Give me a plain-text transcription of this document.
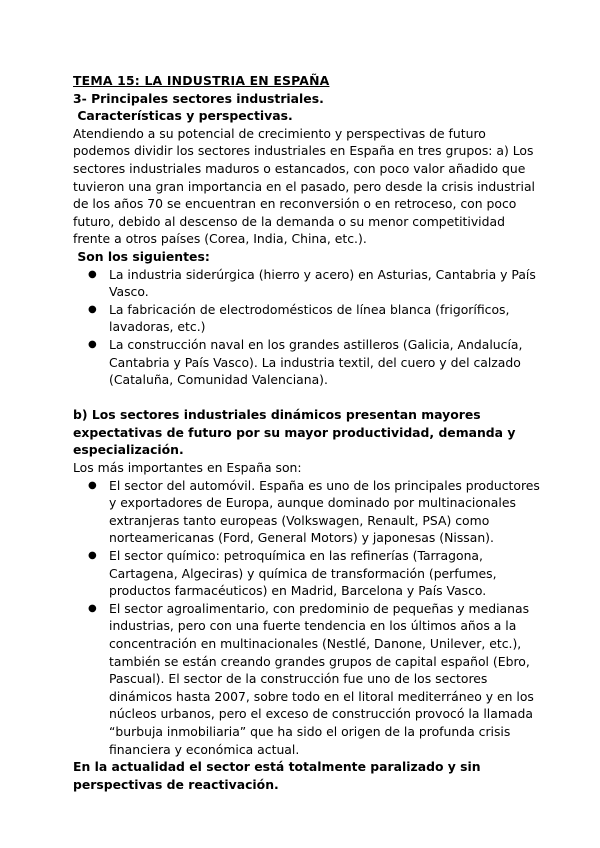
TEMA 15: LA INDUSTRIA EN ESPAÑA

3- Principales sectores industriales.

Características y perspectivas.

Atendiendo a su potencial de crecimiento y perspectivas de futuro podemos dividir los sectores industriales en España en tres grupos: a) Los sectores industriales maduros o estancados, con poco valor añadido que tuvieron una gran importancia en el pasado, pero desde la crisis industrial de los años 70 se encuentran en reconversión o en retroceso, con poco futuro, debido al descenso de la demanda o su menor competitividad frente a otros países (Corea, India, China, etc.).

Son los siguientes:

● La industria siderúrgica (hierro y acero) en Asturias, Cantabria y País Vasco.
● La fabricación de electrodomésticos de línea blanca (frigoríficos, lavadoras, etc.)
● La construcción naval en los grandes astilleros (Galicia, Andalucía, Cantabria y País Vasco). La industria textil, del cuero y del calzado (Cataluña, Comunidad Valenciana).

b) Los sectores industriales dinámicos presentan mayores expectativas de futuro por su mayor productividad, demanda y especialización.

Los más importantes en España son:

● El sector del automóvil. España es uno de los principales productores y exportadores de Europa, aunque dominado por multinacionales extranjeras tanto europeas (Volkswagen, Renault, PSA) como norteamericanas (Ford, General Motors) y japonesas (Nissan).
● El sector químico: petroquímica en las refinerías (Tarragona, Cartagena, Algeciras) y química de transformación (perfumes, productos farmacéuticos) en Madrid, Barcelona y País Vasco.
● El sector agroalimentario, con predominio de pequeñas y medianas industrias, pero con una fuerte tendencia en los últimos años a la concentración en multinacionales (Nestlé, Danone, Unilever, etc.), también se están creando grandes grupos de capital español (Ebro, Pascual). El sector de la construcción fue uno de los sectores dinámicos hasta 2007, sobre todo en el litoral mediterráneo y en los núcleos urbanos, pero el exceso de construcción provocó la llamada “burbuja inmobiliaria” que ha sido el origen de la profunda crisis financiera y económica actual.

En la actualidad el sector está totalmente paralizado y sin perspectivas de reactivación.
